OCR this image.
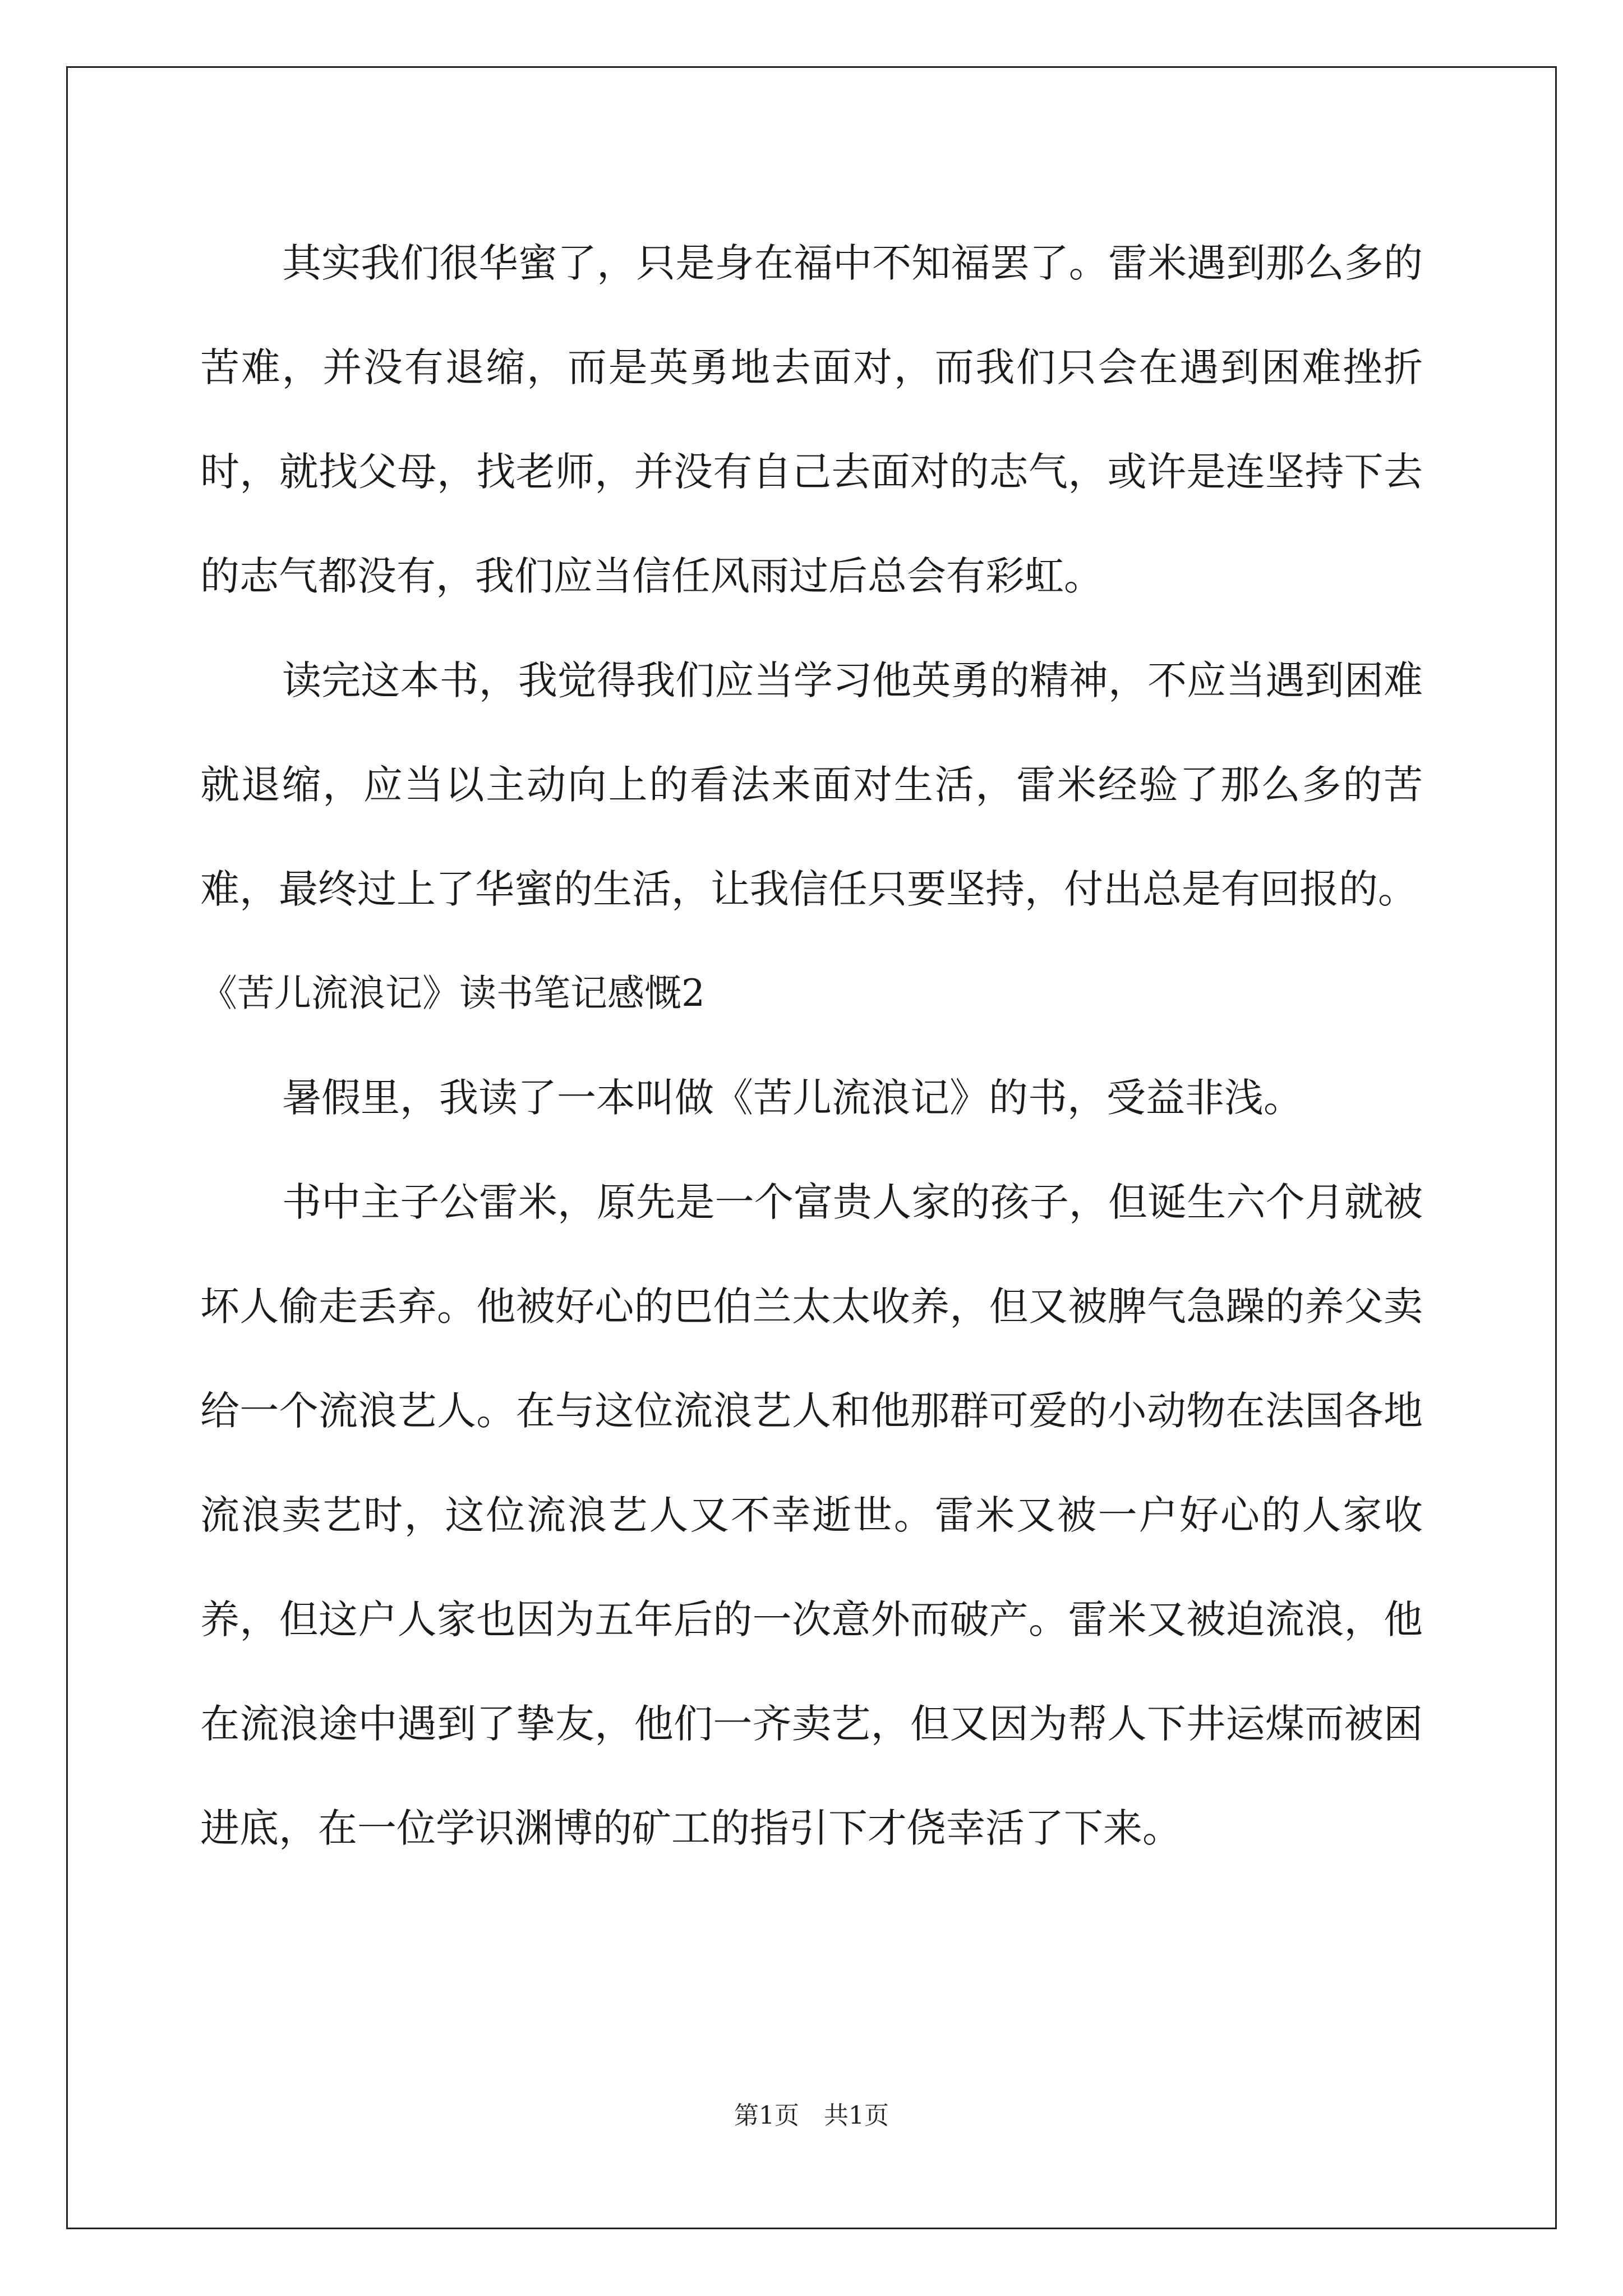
其实我们很华蜜了，只是身在福中不知福罢了。雷米遇到那么多的苦难，并没有退缩，而是英勇地去面对，而我们只会在遇到困难挫折时，就找父母，找老师，并没有自己去面对的志气，或许是连坚持下去的志气都没有，我们应当信任风雨过后总会有彩虹。

读完这本书，我觉得我们应当学习他英勇的精神，不应当遇到困难就退缩，应当以主动向上的看法来面对生活，雷米经验了那么多的苦难，最终过上了华蜜的生活，让我信任只要坚持，付出总是有回报的。

《苦儿流浪记》读书笔记感慨2

暑假里，我读了一本叫做《苦儿流浪记》的书，受益非浅。

书中主子公雷米，原先是一个富贵人家的孩子，但诞生六个月就被坏人偷走丢弃。他被好心的巴伯兰太太收养，但又被脾气急躁的养父卖给一个流浪艺人。在与这位流浪艺人和他那群可爱的小动物在法国各地流浪卖艺时，这位流浪艺人又不幸逝世。雷米又被一户好心的人家收养，但这户人家也因为五年后的一次意外而破产。雷米又被迫流浪，他在流浪途中遇到了挚友，他们一齐卖艺，但又因为帮人下井运煤而被困进底，在一位学识渊博的矿工的指引下才侥幸活了下来。

第1页　共1页
